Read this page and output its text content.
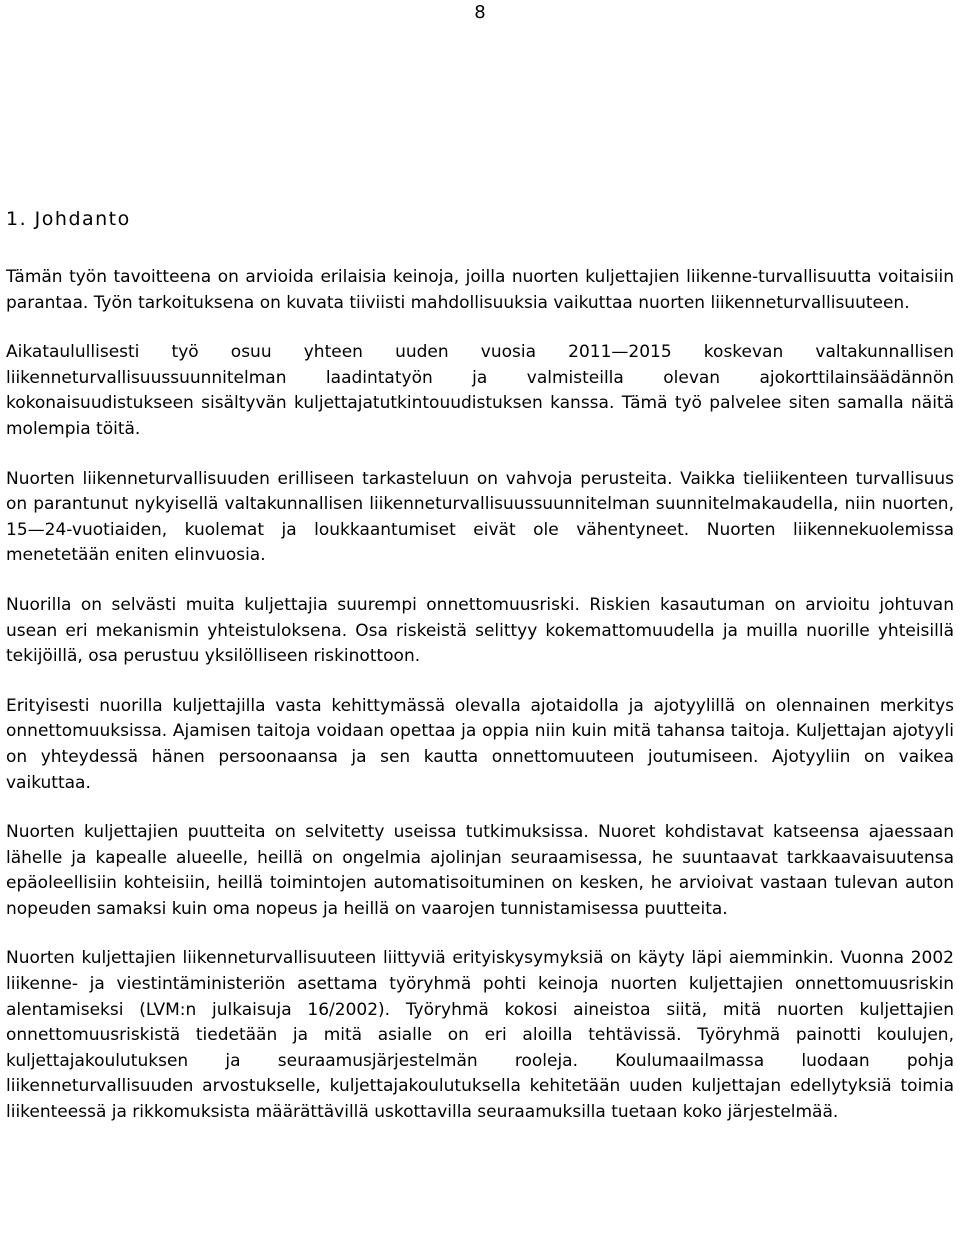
8
1. Johdanto

Tämän työn tavoitteena on arvioida erilaisia keinoja, joilla nuorten kuljettajien liikenne-turvallisuutta voitaisiin parantaa. Työn tarkoituksena on kuvata tiiviisti mahdollisuuksia vaikuttaa nuorten liikenneturvallisuuteen.

Aikataulullisesti työ osuu yhteen uuden vuosia 2011—2015 koskevan valtakunnallisen liikenneturvallisuussuunnitelman laadintatyön ja valmisteilla olevan ajokorttilainsäädännön kokonaisuudistukseen sisältyvän kuljettajatutkintouudistuksen kanssa. Tämä työ palvelee siten samalla näitä molempia töitä.

Nuorten liikenneturvallisuuden erilliseen tarkasteluun on vahvoja perusteita. Vaikka tieliikenteen turvallisuus on parantunut nykyisellä valtakunnallisen liikenneturvallisuussuunnitelman suunnitelmakaudella, niin nuorten, 15—24-vuotiaiden, kuolemat ja loukkaantumiset eivät ole vähentyneet. Nuorten liikennekuolemissa menetetään eniten elinvuosia.

Nuorilla on selvästi muita kuljettajia suurempi onnettomuusriski. Riskien kasautuman on arvioitu johtuvan usean eri mekanismin yhteistuloksena. Osa riskeistä selittyy kokemattomuudella ja muilla nuorille yhteisillä tekijöillä, osa perustuu yksilölliseen riskinottoon.

Erityisesti nuorilla kuljettajilla vasta kehittymässä olevalla ajotaidolla ja ajotyylillä on olennainen merkitys onnettomuuksissa. Ajamisen taitoja voidaan opettaa ja oppia niin kuin mitä tahansa taitoja. Kuljettajan ajotyyli on yhteydessä hänen persoonaansa ja sen kautta onnettomuuteen joutumiseen. Ajotyyliin on vaikea vaikuttaa.

Nuorten kuljettajien puutteita on selvitetty useissa tutkimuksissa. Nuoret kohdistavat katseensa ajaessaan lähelle ja kapealle alueelle, heillä on ongelmia ajolinjan seuraamisessa, he suuntaavat tarkkaavaisuutensa epäoleellisiin kohteisiin, heillä toimintojen automatisoituminen on kesken, he arvioivat vastaan tulevan auton nopeuden samaksi kuin oma nopeus ja heillä on vaarojen tunnistamisessa puutteita.

Nuorten kuljettajien liikenneturvallisuuteen liittyviä erityiskysymyksiä on käyty läpi aiemminkin. Vuonna 2002 liikenne- ja viestintäministeriön asettama työryhmä pohti keinoja nuorten kuljettajien onnettomuusriskin alentamiseksi (LVM:n julkaisuja 16/2002). Työryhmä kokosi aineistoa siitä, mitä nuorten kuljettajien onnettomuusriskistä tiedetään ja mitä asialle on eri aloilla tehtävissä. Työryhmä painotti koulujen, kuljettajakoulutuksen ja seuraamusjärjestelmän rooleja. Koulumaailmassa luodaan pohja liikenneturvallisuuden arvostukselle, kuljettajakoulutuksella kehitetään uuden kuljettajan edellytyksiä toimia liikenteessä ja rikkomuksista määrättävillä uskottavilla seuraamuksilla tuetaan koko järjestelmää.
